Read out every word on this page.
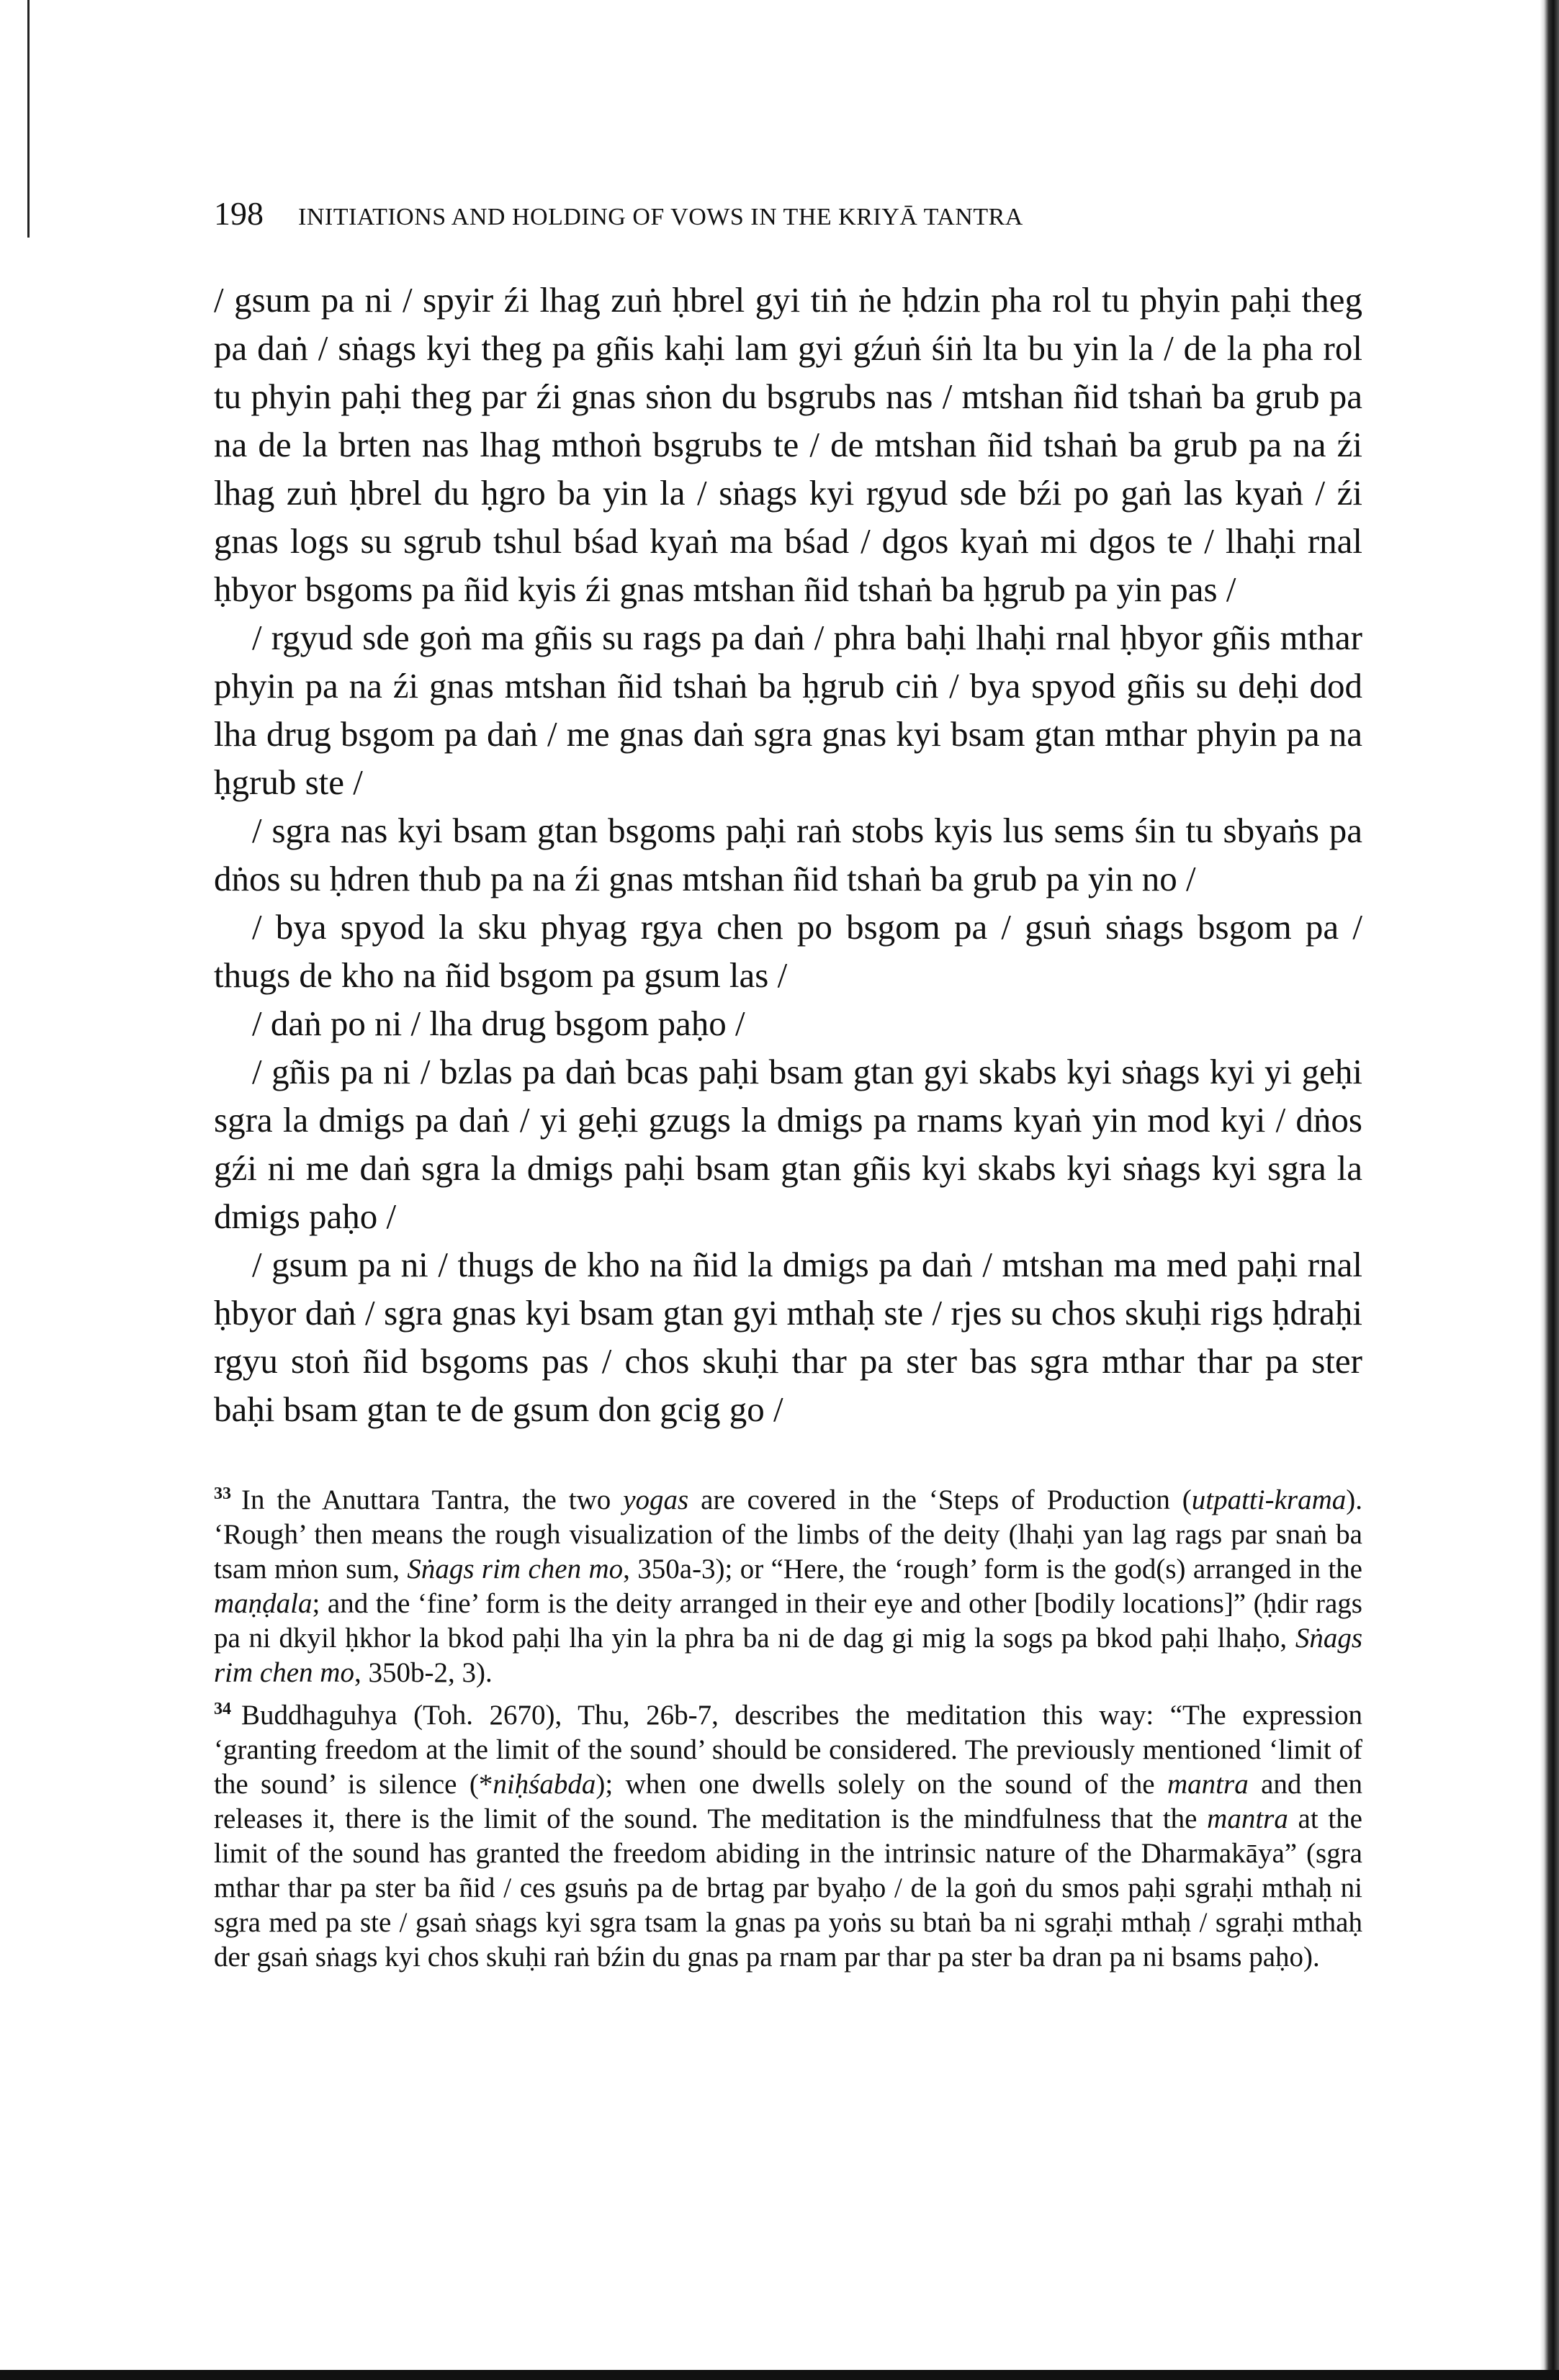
198 INITIATIONS AND HOLDING OF VOWS IN THE KRIYĀ TANTRA

/ gsum pa ni / spyir źi lhag zuṅ ḥbrel gyi tiṅ ṅe ḥdzin pha rol tu phyin paḥi theg pa daṅ / sṅags kyi theg pa gñis kaḥi lam gyi gźuṅ śiṅ lta bu yin la / de la pha rol tu phyin paḥi theg par źi gnas sṅon du bsgrubs nas / mtshan ñid tshaṅ ba grub pa na de la brten nas lhag mthoṅ bsgrubs te / de mtshan ñid tshaṅ ba grub pa na źi lhag zuṅ ḥbrel du ḥgro ba yin la / sṅags kyi rgyud sde bźi po gaṅ las kyaṅ / źi gnas logs su sgrub tshul bśad kyaṅ ma bśad / dgos kyaṅ mi dgos te / lhaḥi rnal ḥbyor bsgoms pa ñid kyis źi gnas mtshan ñid tshaṅ ba ḥgrub pa yin pas /

/ rgyud sde goṅ ma gñis su rags pa daṅ / phra baḥi lhaḥi rnal ḥbyor gñis mthar phyin pa na źi gnas mtshan ñid tshaṅ ba ḥgrub ciṅ / bya spyod gñis su deḥi dod lha drug bsgom pa daṅ / me gnas daṅ sgra gnas kyi bsam gtan mthar phyin pa na ḥgrub ste /

/ sgra nas kyi bsam gtan bsgoms paḥi raṅ stobs kyis lus sems śin tu sbyaṅs pa dṅos su ḥdren thub pa na źi gnas mtshan ñid tshaṅ ba grub pa yin no /

/ bya spyod la sku phyag rgya chen po bsgom pa / gsuṅ sṅags bsgom pa / thugs de kho na ñid bsgom pa gsum las /

/ daṅ po ni / lha drug bsgom paḥo /

/ gñis pa ni / bzlas pa daṅ bcas paḥi bsam gtan gyi skabs kyi sṅags kyi yi geḥi sgra la dmigs pa daṅ / yi geḥi gzugs la dmigs pa rnams kyaṅ yin mod kyi / dṅos gźi ni me daṅ sgra la dmigs paḥi bsam gtan gñis kyi skabs kyi sṅags kyi sgra la dmigs paḥo /

/ gsum pa ni / thugs de kho na ñid la dmigs pa daṅ / mtshan ma med paḥi rnal ḥbyor daṅ / sgra gnas kyi bsam gtan gyi mthaḥ ste / rjes su chos skuḥi rigs ḥdraḥi rgyu stoṅ ñid bsgoms pas / chos skuḥi thar pa ster bas sgra mthar thar pa ster baḥi bsam gtan te de gsum don gcig go /

$^{33}$ In the Anuttara Tantra, the two yogas are covered in the ‘Steps of Production (utpatti-krama). ‘Rough’ then means the rough visualization of the limbs of the deity (lhaḥi yan lag rags par snaṅ ba tsam mṅon sum, Sṅags rim chen mo, 350a-3); or “Here, the ‘rough’ form is the god(s) arranged in the maṇḍala; and the ‘fine’ form is the deity arranged in their eye and other [bodily locations]” (ḥdir rags pa ni dkyil ḥkhor la bkod paḥi lha yin la phra ba ni de dag gi mig la sogs pa bkod paḥi lhaḥo, Sṅags rim chen mo, 350b-2, 3).

$^{34}$ Buddhaguhya (Toh. 2670), Thu, 26b-7, describes the meditation this way: “The expression ‘granting freedom at the limit of the sound’ should be considered. The previously mentioned ‘limit of the sound’ is silence (*niḥśabda); when one dwells solely on the sound of the mantra and then releases it, there is the limit of the sound. The meditation is the mindfulness that the mantra at the limit of the sound has granted the freedom abiding in the intrinsic nature of the Dharmakāya” (sgra mthar thar pa ster ba ñid / ces gsuṅs pa de brtag par byaḥo / de la goṅ du smos paḥi sgraḥi mthaḥ ni sgra med pa ste / gsaṅ sṅags kyi sgra tsam la gnas pa yoṅs su btaṅ ba ni sgraḥi mthaḥ / sgraḥi mthaḥ der gsaṅ sṅags kyi chos skuḥi raṅ bźin du gnas pa rnam par thar pa ster ba dran pa ni bsams paḥo).
